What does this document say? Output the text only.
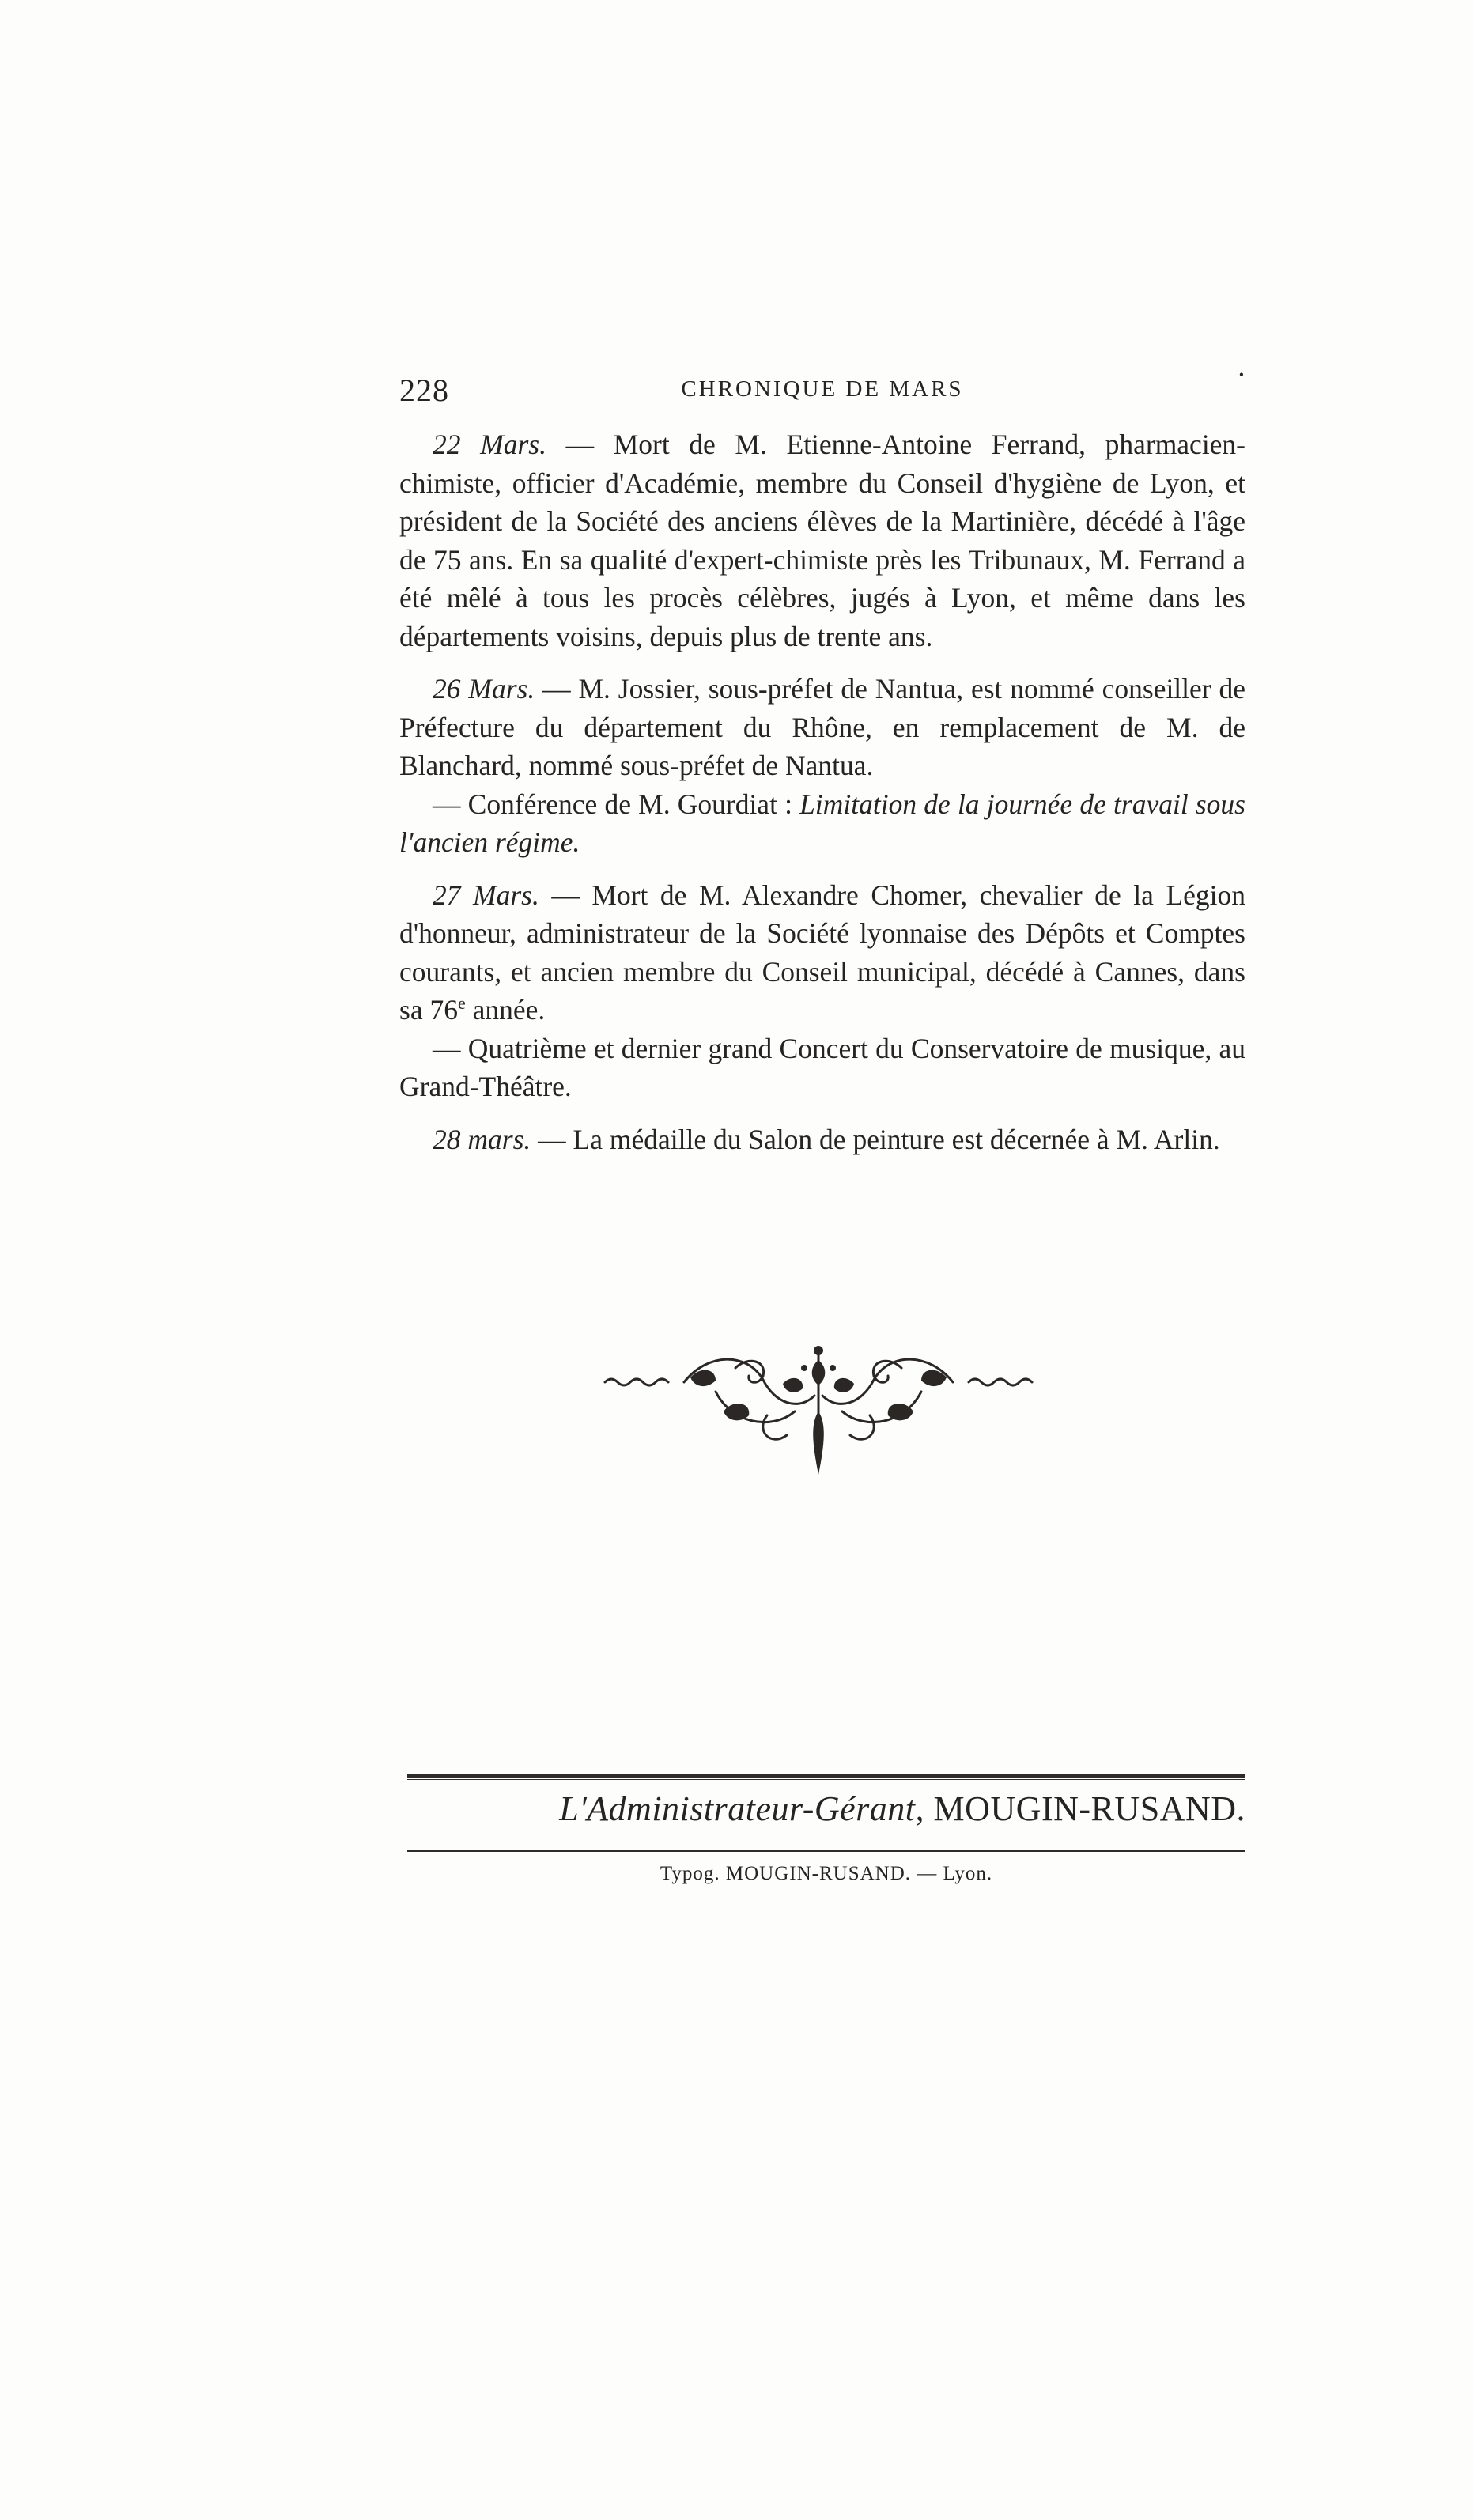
228	CHRONIQUE DE MARS
•

22 Mars. — Mort de M. Etienne-Antoine Ferrand, pharmacien-chimiste, officier d'Académie, membre du Conseil d'hygiène de Lyon, et président de la Société des anciens élèves de la Martinière, décédé à l'âge de 75 ans. En sa qualité d'expert-chimiste près les Tribunaux, M. Ferrand a été mêlé à tous les procès célèbres, jugés à Lyon, et même dans les départements voisins, depuis plus de trente ans.

26 Mars. — M. Jossier, sous-préfet de Nantua, est nommé conseiller de Préfecture du département du Rhône, en remplacement de M. de Blanchard, nommé sous-préfet de Nantua.

— Conférence de M. Gourdiat : Limitation de la journée de travail sous l'ancien régime.

27 Mars. — Mort de M. Alexandre Chomer, chevalier de la Légion d'honneur, administrateur de la Société lyonnaise des Dépôts et Comptes courants, et ancien membre du Conseil municipal, décédé à Cannes, dans sa 76e année.

— Quatrième et dernier grand Concert du Conservatoire de musique, au Grand-Théâtre.

28 mars. — La médaille du Salon de peinture est décernée à M. Arlin.

L'Administrateur-Gérant, MOUGIN-RUSAND.
Typog. MOUGIN-RUSAND. — Lyon.
